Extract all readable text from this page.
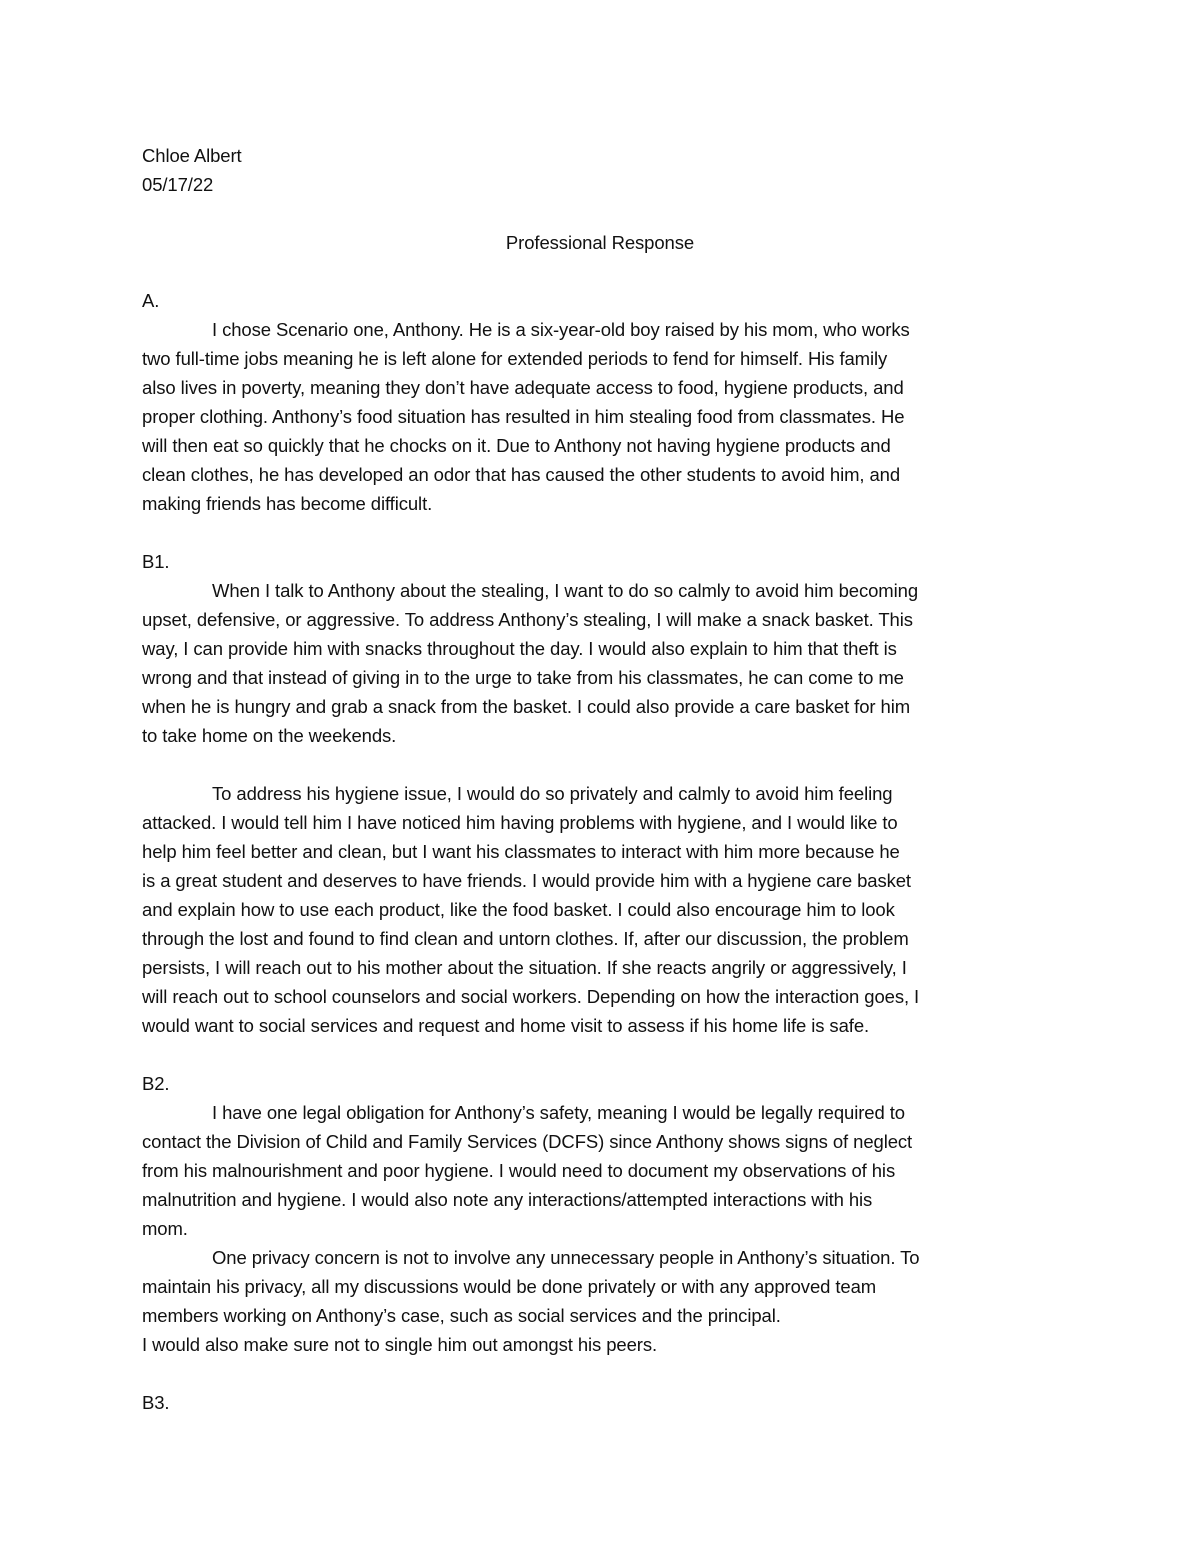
Chloe Albert
05/17/22
Professional Response
A.
I chose Scenario one, Anthony. He is a six-year-old boy raised by his mom, who works
two full-time jobs meaning he is left alone for extended periods to fend for himself. His family
also lives in poverty, meaning they don’t have adequate access to food, hygiene products, and
proper clothing. Anthony’s food situation has resulted in him stealing food from classmates. He
will then eat so quickly that he chocks on it. Due to Anthony not having hygiene products and
clean clothes, he has developed an odor that has caused the other students to avoid him, and
making friends has become difficult.
B1.
When I talk to Anthony about the stealing, I want to do so calmly to avoid him becoming
upset, defensive, or aggressive. To address Anthony’s stealing, I will make a snack basket. This
way, I can provide him with snacks throughout the day. I would also explain to him that theft is
wrong and that instead of giving in to the urge to take from his classmates, he can come to me
when he is hungry and grab a snack from the basket. I could also provide a care basket for him
to take home on the weekends.
To address his hygiene issue, I would do so privately and calmly to avoid him feeling
attacked. I would tell him I have noticed him having problems with hygiene, and I would like to
help him feel better and clean, but I want his classmates to interact with him more because he
is a great student and deserves to have friends. I would provide him with a hygiene care basket
and explain how to use each product, like the food basket. I could also encourage him to look
through the lost and found to find clean and untorn clothes. If, after our discussion, the problem
persists, I will reach out to his mother about the situation. If she reacts angrily or aggressively, I
will reach out to school counselors and social workers. Depending on how the interaction goes, I
would want to social services and request and home visit to assess if his home life is safe.
B2.
I have one legal obligation for Anthony’s safety, meaning I would be legally required to
contact the Division of Child and Family Services (DCFS) since Anthony shows signs of neglect
from his malnourishment and poor hygiene. I would need to document my observations of his
malnutrition and hygiene. I would also note any interactions/attempted interactions with his
mom.
One privacy concern is not to involve any unnecessary people in Anthony’s situation. To
maintain his privacy, all my discussions would be done privately or with any approved team
members working on Anthony’s case, such as social services and the principal.
I would also make sure not to single him out amongst his peers.
B3.
